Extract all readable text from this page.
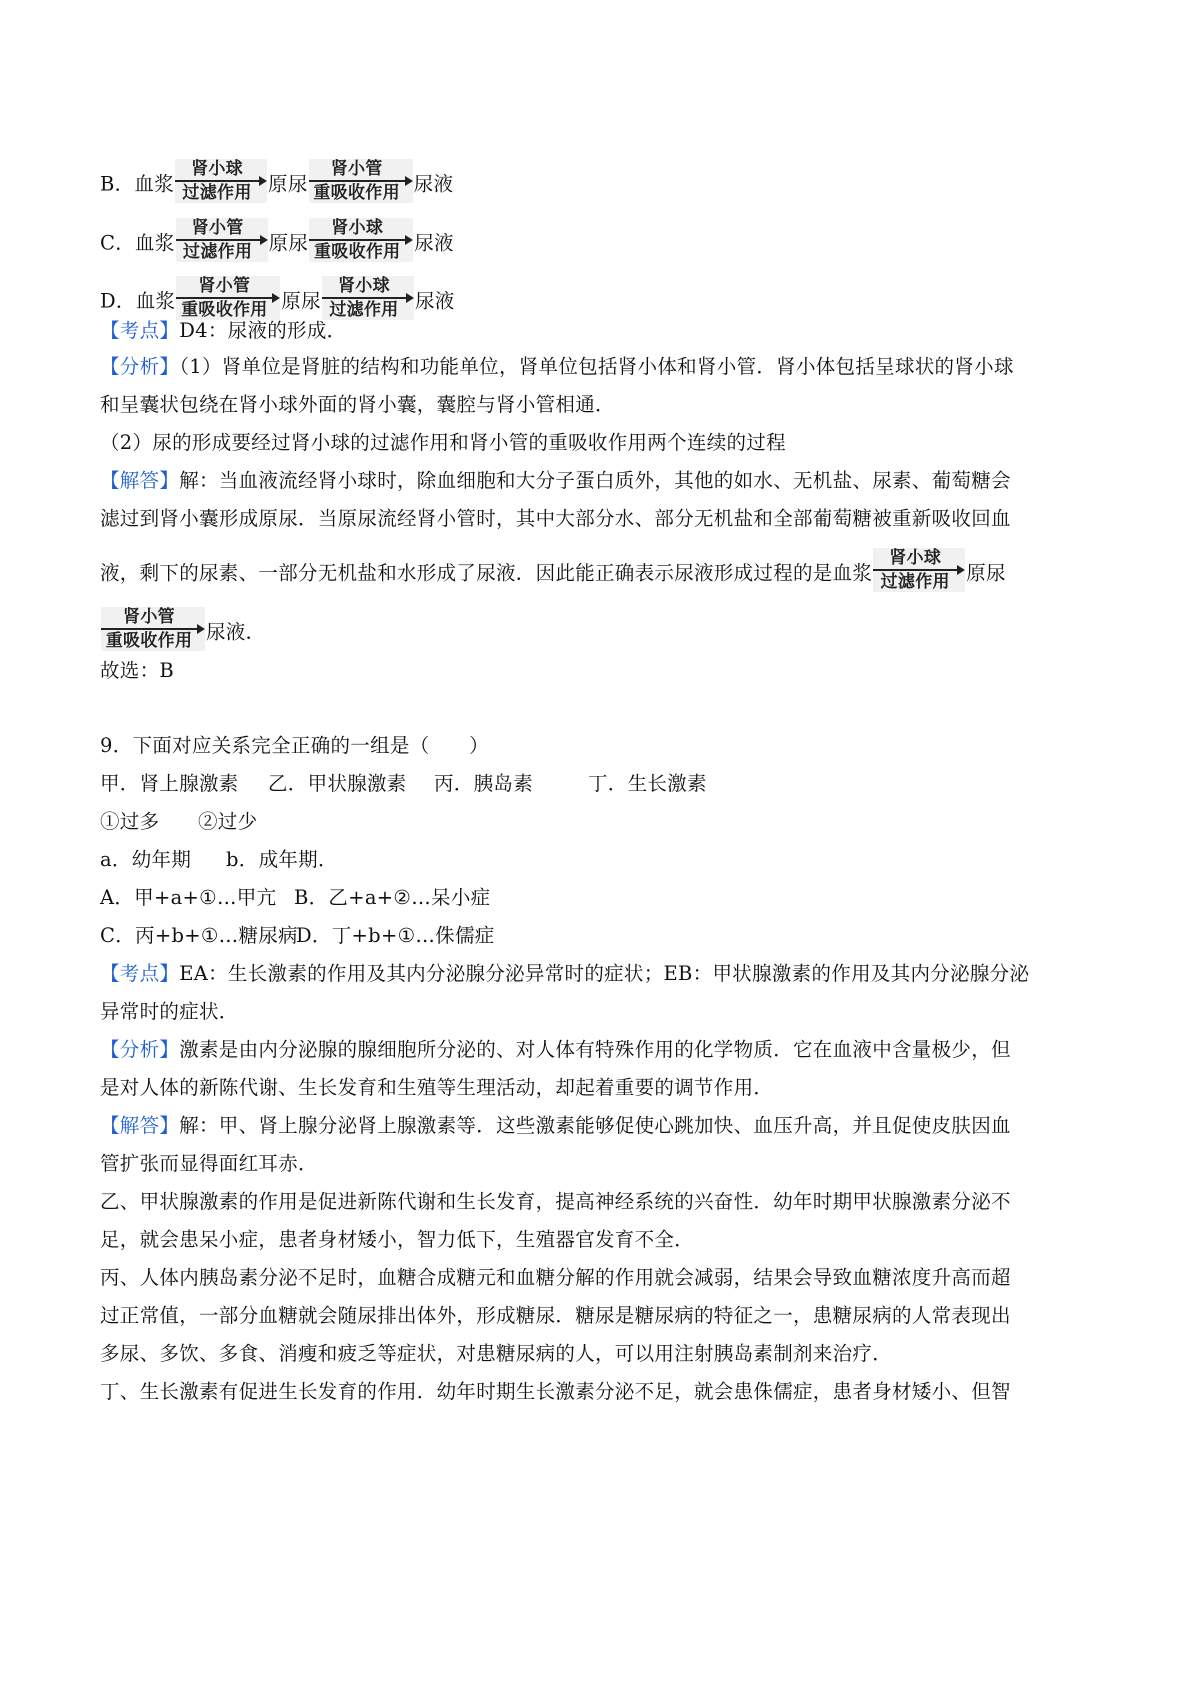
B．血浆
肾小球
过滤作用 原尿
肾小管
重吸收作用 尿液
C．血浆
肾小管
过滤作用 原尿
肾小球
重吸收作用 尿液
D．血浆
肾小管
重吸收作用 原尿
肾小球
过滤作用 尿液
【考点】D4：尿液的形成．
【分析】（1）肾单位是肾脏的结构和功能单位，肾单位包括肾小体和肾小管．肾小体包括呈球状的肾小球
和呈囊状包绕在肾小球外面的肾小囊，囊腔与肾小管相通．
（2）尿的形成要经过肾小球的过滤作用和肾小管的重吸收作用两个连续的过程
【解答】解：当血液流经肾小球时，除血细胞和大分子蛋白质外，其他的如水、无机盐、尿素、葡萄糖会
滤过到肾小囊形成原尿．当原尿流经肾小管时，其中大部分水、部分无机盐和全部葡萄糖被重新吸收回血
液，剩下的尿素、一部分无机盐和水形成了尿液．因此能正确表示尿液形成过程的是血浆
肾小球
过滤作用 原尿
肾小管
重吸收作用 尿液．
故选：B
9．下面对应关系完全正确的一组是（　　）
甲．肾上腺激素 乙．甲状腺激素 丙．胰岛素	丁．生长激素
①过多 ②过少
a．幼年期 b．成年期．
A．甲+a+①…甲亢 B．乙+a+②…呆小症
C．丙+b+①…糖尿病D．丁+b+①…侏儒症
【考点】EA：生长激素的作用及其内分泌腺分泌异常时的症状；EB：甲状腺激素的作用及其内分泌腺分泌
异常时的症状．
【分析】激素是由内分泌腺的腺细胞所分泌的、对人体有特殊作用的化学物质．它在血液中含量极少，但
是对人体的新陈代谢、生长发育和生殖等生理活动，却起着重要的调节作用．
【解答】解：甲、肾上腺分泌肾上腺激素等．这些激素能够促使心跳加快、血压升高，并且促使皮肤因血
管扩张而显得面红耳赤．
乙、甲状腺激素的作用是促进新陈代谢和生长发育，提高神经系统的兴奋性．幼年时期甲状腺激素分泌不
足，就会患呆小症，患者身材矮小，智力低下，生殖器官发育不全．
丙、人体内胰岛素分泌不足时，血糖合成糖元和血糖分解的作用就会减弱，结果会导致血糖浓度升高而超
过正常值，一部分血糖就会随尿排出体外，形成糖尿．糖尿是糖尿病的特征之一，患糖尿病的人常表现出
多尿、多饮、多食、消瘦和疲乏等症状，对患糖尿病的人，可以用注射胰岛素制剂来治疗．
丁、生长激素有促进生长发育的作用．幼年时期生长激素分泌不足，就会患侏儒症，患者身材矮小、但智
